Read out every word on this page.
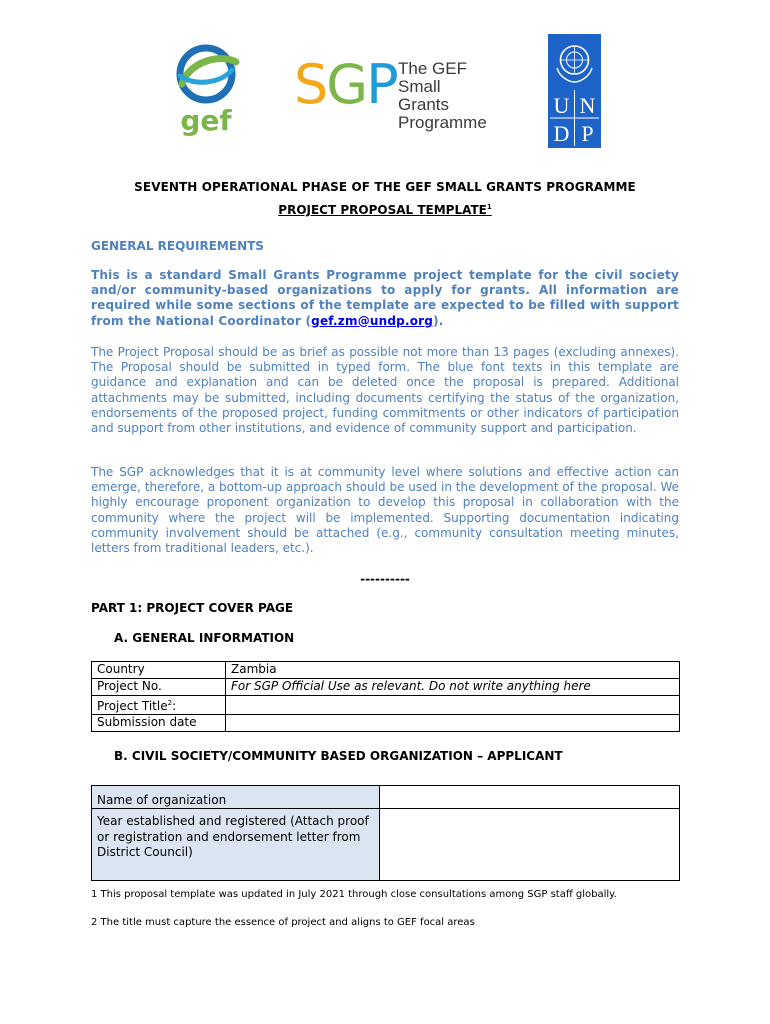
gef
SGP The GEF
Small Grants
Programme
U N
D P
SEVENTH OPERATIONAL PHASE OF THE GEF SMALL GRANTS PROGRAMME
PROJECT PROPOSAL TEMPLATE$^1$
GENERAL REQUIREMENTS
This is a standard Small Grants Programme project template for the civil society and/or community-based organizations to apply for grants. All information are required while some sections of the template are expected to be filled with support from the National Coordinator (gef.zm@undp.org).
The Project Proposal should be as brief as possible not more than 13 pages (excluding annexes). The Proposal should be submitted in typed form. The blue font texts in this template are guidance and explanation and can be deleted once the proposal is prepared. Additional attachments may be submitted, including documents certifying the status of the organization, endorsements of the proposed project, funding commitments or other indicators of participation and support from other institutions, and evidence of community support and participation.
The SGP acknowledges that it is at community level where solutions and effective action can emerge, therefore, a bottom-up approach should be used in the development of the proposal. We highly encourage proponent organization to develop this proposal in collaboration with the community where the project will be implemented. Supporting documentation indicating community involvement should be attached (e.g., community consultation meeting minutes, letters from traditional leaders, etc.).
----------
PART 1: PROJECT COVER PAGE
A. GENERAL INFORMATION
Country	Zambia
Project No.	For SGP Official Use as relevant. Do not write anything here
Project Title$^2$:	
Submission date	
B. CIVIL SOCIETY/COMMUNITY BASED ORGANIZATION – APPLICANT
Name of organization	
Year established and registered (Attach proof or registration and endorsement letter from District Council)	
1 This proposal template was updated in July 2021 through close consultations among SGP staff globally.
2 The title must capture the essence of project and aligns to GEF focal areas
